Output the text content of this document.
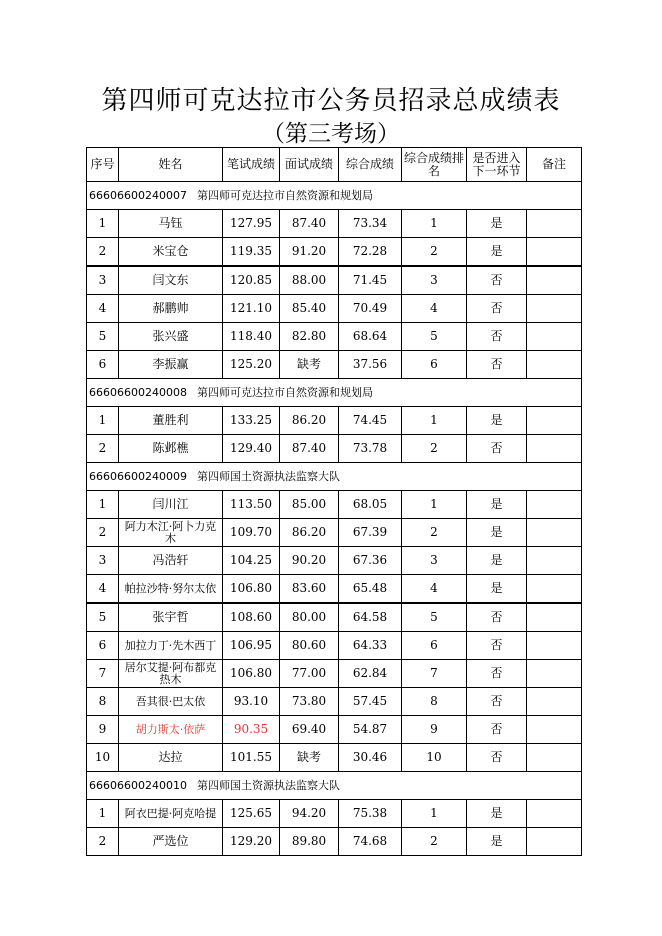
第四师可克达拉市公务员招录总成绩表
（第三考场）
序号	姓名	笔试成绩	面试成绩	综合成绩	综合成绩排名	是否进入下一环节	备注
66606600240007 第四师可克达拉市自然资源和规划局							
1	马钰	127.95	87.40	73.34	1	是	
2	米宝仓	119.35	91.20	72.28	2	是	
3	闫文东	120.85	88.00	71.45	3	否	
4	郝鹏帅	121.10	85.40	70.49	4	否	
5	张兴盛	118.40	82.80	68.64	5	否	
6	李振赢	125.20	缺考	37.56	6	否	
66606600240008 第四师可克达拉市自然资源和规划局							
1	董胜利	133.25	86.20	74.45	1	是	
2	陈邺樵	129.40	87.40	73.78	2	否	
66606600240009 第四师国土资源执法监察大队							
1	闫川江	113.50	85.00	68.05	1	是	
2	阿力木江·阿卜力克木	109.70	86.20	67.39	2	是	
3	冯浩轩	104.25	90.20	67.36	3	是	
4	帕拉沙特·努尔太依	106.80	83.60	65.48	4	是	
5	张宇哲	108.60	80.00	64.58	5	否	
6	加拉力丁·先木西丁	106.95	80.60	64.33	6	否	
7	居尔艾提·阿布都克热木	106.80	77.00	62.84	7	否	
8	吾其很·巴太依	93.10	73.80	57.45	8	否	
9	胡力斯太·依萨	90.35	69.40	54.87	9	否	
10	达拉	101.55	缺考	30.46	10	否	
66606600240010 第四师国土资源执法监察大队							
1	阿衣巴提·阿克哈提	125.65	94.20	75.38	1	是	
2	严选位	129.20	89.80	74.68	2	是	
